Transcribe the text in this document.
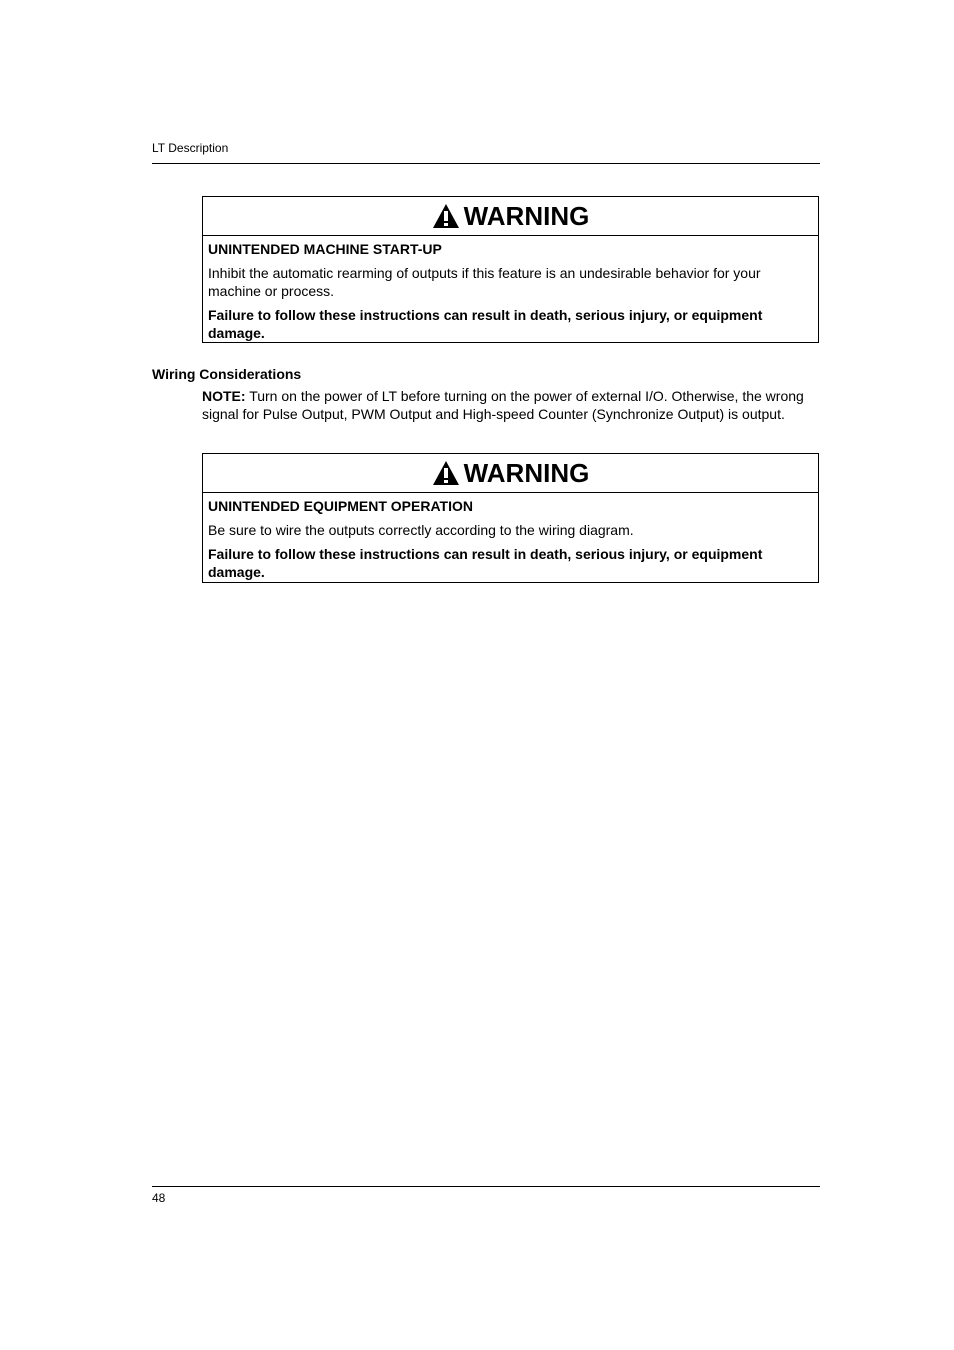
LT Description
WARNING

UNINTENDED MACHINE START-UP

Inhibit the automatic rearming of outputs if this feature is an undesirable behavior for your machine or process.

Failure to follow these instructions can result in death, serious injury, or equipment damage.

Wiring Considerations
NOTE: Turn on the power of LT before turning on the power of external I/O. Otherwise, the wrong signal for Pulse Output, PWM Output and High-speed Counter (Synchronize Output) is output.
WARNING

UNINTENDED EQUIPMENT OPERATION

Be sure to wire the outputs correctly according to the wiring diagram.

Failure to follow these instructions can result in death, serious injury, or equipment damage.

48
